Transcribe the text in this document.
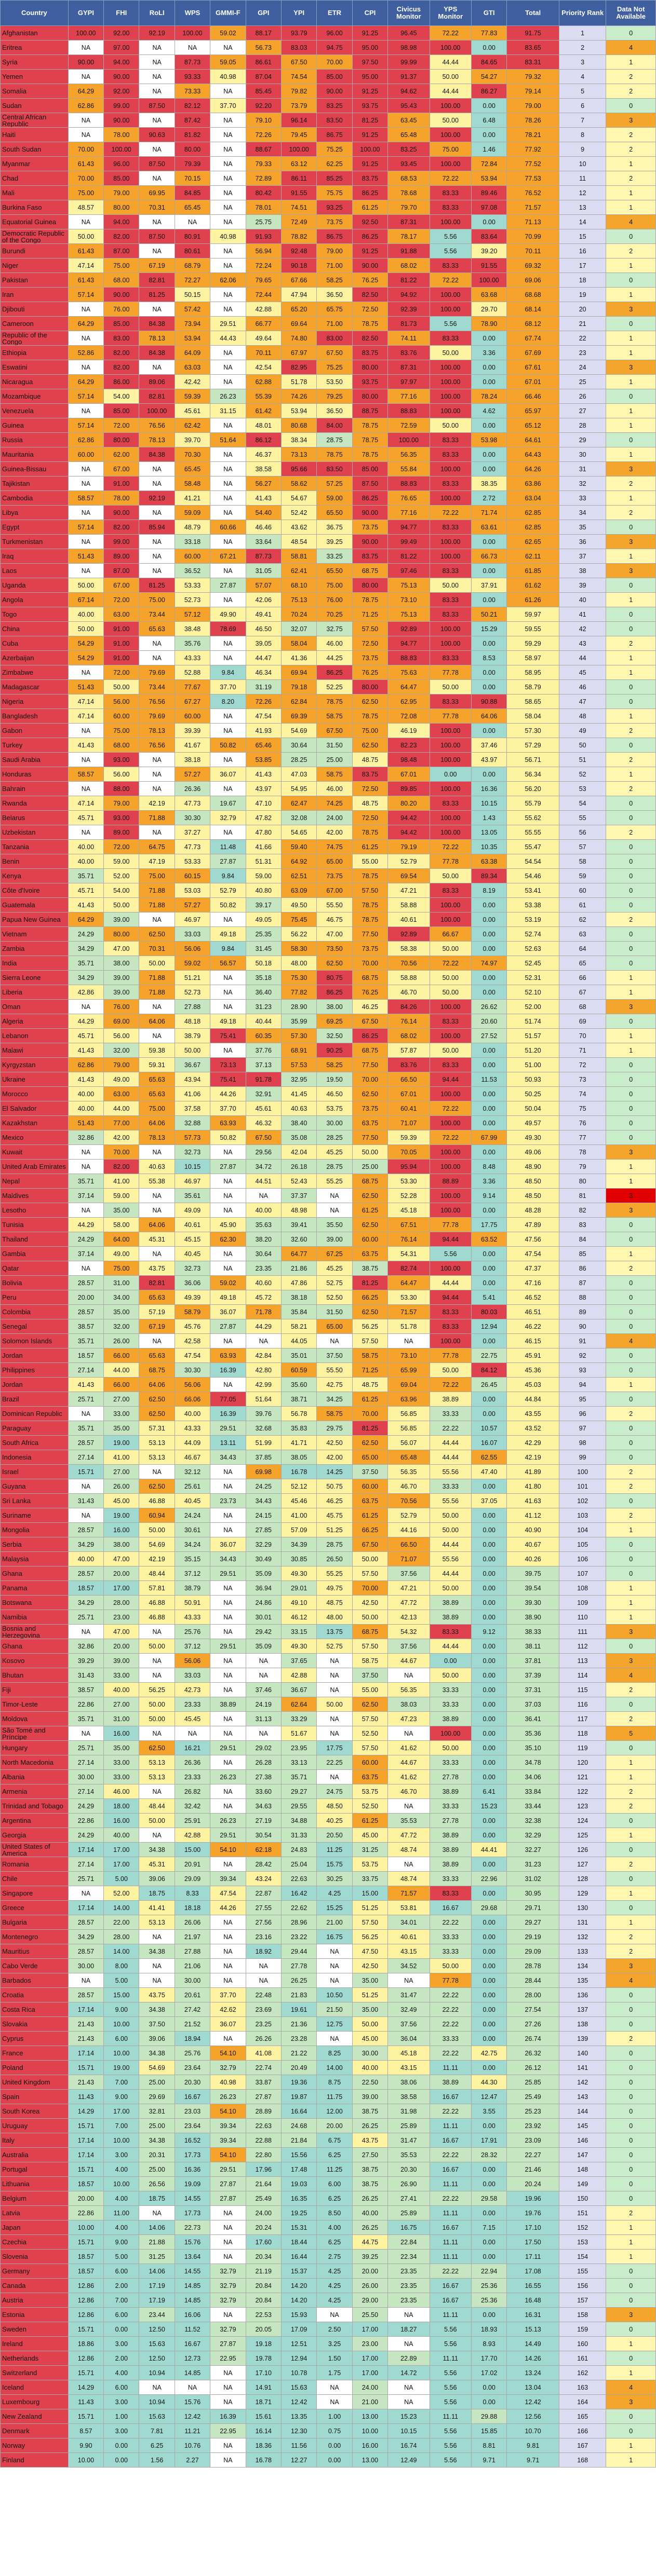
Country	GYPI	FHI	RoLI	WPS	GMMI-F	GPI	YPI	ETR	CPI	Civicus Monitor	YPS Monitor	GTI	Total	Priority Rank	Data Not Available
Afghanistan	100.00	92.00	92.19	100.00	59.02	88.17	93.79	96.00	91.25	96.45	72.22	77.83	91.75	1	0
Eritrea	NA	97.00	NA	NA	NA	56.73	83.03	94.75	95.00	98.98	100.00	0.00	83.65	2	4
Syria	90.00	94.00	NA	87.73	59.05	86.61	67.50	70.00	97.50	99.99	44.44	84.65	83.31	3	1
Yemen	NA	90.00	NA	93.33	40.98	87.04	74.54	85.00	95.00	91.37	50.00	54.27	79.32	4	2
Somalia	64.29	92.00	NA	73.33	NA	85.45	79.82	90.00	91.25	94.62	44.44	86.27	79.14	5	2
Sudan	62.86	99.00	87.50	82.12	37.70	92.20	73.79	83.25	93.75	95.43	100.00	0.00	79.00	6	0
Central African Republic	NA	90.00	NA	87.42	NA	79.10	96.14	83.50	81.25	63.45	50.00	6.48	78.26	7	3
Haiti	NA	78.00	90.63	81.82	NA	72.26	79.45	86.75	91.25	65.48	100.00	0.00	78.21	8	2
South Sudan	70.00	100.00	NA	80.00	NA	88.67	100.00	75.25	100.00	83.25	75.00	1.46	77.92	9	2
Myanmar	61.43	96.00	87.50	79.39	NA	79.33	63.12	62.25	91.25	93.45	100.00	72.84	77.52	10	1
Chad	70.00	85.00	NA	70.15	NA	72.89	86.11	85.25	83.75	68.53	72.22	53.94	77.53	11	2
Mali	75.00	79.00	69.95	84.85	NA	80.42	91.55	75.75	86.25	78.68	83.33	89.46	76.52	12	1
Burkina Faso	48.57	80.00	70.31	65.45	NA	78.01	74.51	93.25	61.25	79.70	83.33	97.08	71.57	13	1
Equatorial Guinea	NA	94.00	NA	NA	NA	25.75	72.49	73.75	92.50	87.31	100.00	0.00	71.13	14	4
Democratic Republic of the Congo	50.00	82.00	87.50	80.91	40.98	91.93	78.82	86.75	86.25	78.17	5.56	83.64	70.99	15	0
Burundi	61.43	87.00	NA	80.61	NA	56.94	92.48	79.00	91.25	91.88	5.56	39.20	70.11	16	2
Niger	47.14	75.00	67.19	68.79	NA	72.24	90.18	71.00	90.00	68.02	83.33	91.55	69.32	17	1
Pakistan	61.43	68.00	82.81	72.27	62.06	79.65	67.66	58.25	76.25	81.22	72.22	100.00	69.06	18	0
Iran	57.14	90.00	81.25	50.15	NA	72.44	47.94	36.50	82.50	94.92	100.00	63.68	68.68	19	1
Djibouti	NA	76.00	NA	57.42	NA	42.88	65.20	65.75	72.50	92.39	100.00	29.70	68.14	20	3
Cameroon	64.29	85.00	84.38	73.94	29.51	66.77	69.64	71.00	78.75	81.73	5.56	78.90	68.12	21	0
Republic of the Congo	NA	83.00	78.13	53.94	44.43	49.64	74.80	83.00	82.50	74.11	83.33	0.00	67.74	22	1
Ethiopia	52.86	82.00	84.38	64.09	NA	70.11	67.97	67.50	83.75	83.76	50.00	3.36	67.69	23	1
Eswatini	NA	82.00	NA	63.03	NA	42.54	82.95	75.25	80.00	87.31	100.00	0.00	67.61	24	3
Nicaragua	64.29	86.00	89.06	42.42	NA	62.88	51.78	53.50	93.75	97.97	100.00	0.00	67.01	25	1
Mozambique	57.14	54.00	82.81	59.39	26.23	55.39	74.26	79.25	80.00	77.16	100.00	78.24	66.46	26	0
Venezuela	NA	85.00	100.00	45.61	31.15	61.42	53.94	36.50	88.75	88.83	100.00	4.62	65.97	27	1
Guinea	57.14	72.00	76.56	62.42	NA	48.01	80.68	84.00	78.75	72.59	50.00	0.00	65.12	28	1
Russia	62.86	80.00	78.13	39.70	51.64	86.12	38.34	28.75	78.75	100.00	83.33	53.98	64.61	29	0
Mauritania	60.00	62.00	84.38	70.30	NA	46.37	73.13	78.75	78.75	56.35	83.33	0.00	64.43	30	1
Guinea-Bissau	NA	67.00	NA	65.45	NA	38.58	95.66	83.50	85.00	55.84	100.00	0.00	64.26	31	3
Tajikistan	NA	91.00	NA	58.48	NA	56.27	58.62	57.25	87.50	88.83	83.33	38.35	63.86	32	2
Cambodia	58.57	78.00	92.19	41.21	NA	41.43	54.67	59.00	86.25	76.65	100.00	2.72	63.04	33	1
Libya	NA	90.00	NA	59.09	NA	54.40	52.42	65.50	90.00	77.16	72.22	71.74	62.85	34	2
Egypt	57.14	82.00	85.94	48.79	60.66	46.46	43.62	36.75	73.75	94.77	83.33	63.61	62.85	35	0
Turkmenistan	NA	99.00	NA	33.18	NA	33.64	48.54	39.25	90.00	99.49	100.00	0.00	62.65	36	3
Iraq	51.43	89.00	NA	60.00	67.21	87.73	58.81	33.25	83.75	81.22	100.00	66.73	62.11	37	1
Laos	NA	87.00	NA	36.52	NA	31.05	62.41	65.50	68.75	97.46	83.33	0.00	61.85	38	3
Uganda	50.00	67.00	81.25	53.33	27.87	57.07	68.10	75.00	80.00	75.13	50.00	37.91	61.62	39	0
Angola	67.14	72.00	75.00	52.73	NA	42.06	75.13	76.00	78.75	73.10	83.33	0.00	61.26	40	1
Togo	40.00	63.00	73.44	57.12	49.90	49.41	70.24	70.25	71.25	75.13	83.33	50.21	59.97	41	0
China	50.00	91.00	65.63	38.48	78.69	46.50	32.07	32.75	57.50	92.89	100.00	15.29	59.55	42	0
Cuba	54.29	91.00	NA	35.76	NA	39.05	58.04	46.00	72.50	94.77	100.00	0.00	59.29	43	2
Azerbaijan	54.29	91.00	NA	43.33	NA	44.47	41.36	44.25	73.75	88.83	83.33	8.53	58.97	44	1
Zimbabwe	NA	72.00	79.69	52.88	9.84	46.34	69.94	86.25	76.25	75.63	77.78	0.00	58.95	45	1
Madagascar	51.43	50.00	73.44	77.67	37.70	31.19	79.18	52.25	80.00	64.47	50.00	0.00	58.79	46	0
Nigeria	47.14	56.00	76.56	67.27	8.20	72.26	62.84	78.75	62.50	62.95	83.33	90.88	58.65	47	0
Bangladesh	47.14	60.00	79.69	60.00	NA	47.54	69.39	58.75	78.75	72.08	77.78	64.06	58.04	48	1
Gabon	NA	75.00	78.13	39.39	NA	41.93	54.69	67.50	75.00	46.19	100.00	0.00	57.30	49	2
Turkey	41.43	68.00	76.56	41.67	50.82	65.46	30.64	31.50	62.50	82.23	100.00	37.46	57.29	50	0
Saudi Arabia	NA	93.00	NA	38.18	NA	53.85	28.25	25.00	48.75	98.48	100.00	43.97	56.71	51	2
Honduras	58.57	56.00	NA	57.27	36.07	41.43	47.03	58.75	83.75	67.01	0.00	0.00	56.34	52	1
Bahrain	NA	88.00	NA	26.36	NA	43.97	54.95	46.00	72.50	89.85	100.00	16.36	56.20	53	2
Rwanda	47.14	79.00	42.19	47.73	19.67	47.10	62.47	74.25	48.75	80.20	83.33	10.15	55.79	54	0
Belarus	45.71	93.00	71.88	30.30	32.79	47.82	32.08	24.00	72.50	94.42	100.00	1.43	55.62	55	0
Uzbekistan	NA	89.00	NA	37.27	NA	47.80	54.65	42.00	78.75	94.42	100.00	13.05	55.55	56	2
Tanzania	40.00	72.00	64.75	47.73	11.48	41.66	59.40	74.75	61.25	79.19	72.22	10.35	55.47	57	0
Benin	40.00	59.00	47.19	53.33	27.87	51.31	64.92	65.00	55.00	52.79	77.78	63.38	54.54	58	0
Kenya	35.71	52.00	75.00	60.15	9.84	59.00	62.51	73.75	78.75	69.54	50.00	89.34	54.46	59	0
Côte d'Ivoire	45.71	54.00	71.88	53.03	52.79	40.80	63.09	67.00	57.50	47.21	83.33	8.19	53.41	60	0
Guatemala	41.43	50.00	71.88	57.27	50.82	39.17	49.50	55.50	78.75	58.88	100.00	0.00	53.38	61	0
Papua New Guinea	64.29	39.00	NA	46.97	NA	49.05	75.45	46.75	78.75	40.61	100.00	0.00	53.19	62	2
Vietnam	24.29	80.00	62.50	33.03	49.18	25.35	56.22	47.00	77.50	92.89	66.67	0.00	52.74	63	0
Zambia	34.29	47.00	70.31	56.06	9.84	31.45	58.30	73.50	73.75	58.38	50.00	0.00	52.63	64	0
India	35.71	38.00	50.00	59.02	56.57	50.18	48.00	62.50	70.00	70.56	72.22	74.97	52.45	65	0
Sierra Leone	34.29	39.00	71.88	51.21	NA	35.18	75.30	80.75	68.75	58.88	50.00	0.00	52.31	66	1
Liberia	42.86	39.00	71.88	52.73	NA	36.40	77.82	86.25	76.25	46.70	50.00	0.00	52.10	67	1
Oman	NA	76.00	NA	27.88	NA	31.23	28.90	38.00	46.25	84.26	100.00	26.62	52.00	68	3
Algeria	44.29	69.00	64.06	48.18	49.18	40.44	35.99	69.25	67.50	76.14	83.33	20.60	51.74	69	0
Lebanon	45.71	56.00	NA	38.79	75.41	60.35	57.30	32.50	86.25	68.02	100.00	27.52	51.57	70	1
Malawi	41.43	32.00	59.38	50.00	NA	37.76	68.91	90.25	68.75	57.87	50.00	0.00	51.20	71	1
Kyrgyzstan	62.86	79.00	59.31	36.67	73.13	37.13	57.53	58.25	77.50	83.76	83.33	0.00	51.00	72	0
Ukraine	41.43	49.00	65.63	43.94	75.41	91.78	32.95	19.50	70.00	66.50	94.44	11.53	50.93	73	0
Morocco	40.00	63.00	65.63	41.06	44.26	32.91	41.45	46.50	62.50	67.01	100.00	0.00	50.25	74	0
El Salvador	40.00	44.00	75.00	37.58	37.70	45.61	40.63	53.75	73.75	60.41	72.22	0.00	50.04	75	0
Kazakhstan	51.43	77.00	64.06	32.88	63.93	46.32	38.40	30.00	63.75	71.07	100.00	0.00	49.57	76	0
Mexico	32.86	42.00	78.13	57.73	50.82	67.50	35.08	28.25	77.50	59.39	72.22	67.99	49.30	77	0
Kuwait	NA	70.00	NA	32.73	NA	29.56	42.04	45.25	50.00	70.05	100.00	0.00	49.06	78	3
United Arab Emirates	NA	82.00	40.63	10.15	27.87	34.72	26.18	28.75	25.00	95.94	100.00	8.48	48.90	79	1
Nepal	35.71	41.00	55.38	46.97	NA	44.51	52.43	55.25	68.75	53.30	88.89	3.36	48.50	80	1
Maldives	37.14	59.00	NA	35.61	NA	NA	37.37	NA	62.50	52.28	100.00	9.14	48.50	81	3
Lesotho	NA	35.00	NA	49.09	NA	40.00	48.98	NA	61.25	45.18	100.00	0.00	48.28	82	3
Tunisia	44.29	58.00	64.06	40.61	45.90	35.63	39.41	35.50	62.50	67.51	77.78	17.75	47.89	83	0
Thailand	24.29	64.00	45.31	45.15	62.30	38.20	32.60	39.00	60.00	76.14	94.44	63.52	47.56	84	0
Gambia	37.14	49.00	NA	40.45	NA	30.64	64.77	67.25	63.75	54.31	5.56	0.00	47.54	85	1
Qatar	NA	75.00	43.75	32.73	NA	23.35	21.86	45.25	38.75	82.74	100.00	0.00	47.37	86	2
Bolivia	28.57	31.00	82.81	36.06	59.02	40.60	47.86	52.75	81.25	64.47	44.44	0.00	47.16	87	0
Peru	20.00	34.00	65.63	49.39	49.18	45.72	38.18	52.50	66.25	53.30	94.44	5.41	46.52	88	0
Colombia	28.57	35.00	57.19	58.79	36.07	71.78	35.84	31.50	62.50	71.57	83.33	80.03	46.51	89	0
Senegal	38.57	32.00	67.19	45.76	27.87	44.29	58.21	65.00	56.25	51.78	83.33	12.94	46.22	90	0
Solomon Islands	35.71	26.00	NA	42.58	NA	NA	44.05	NA	57.50	NA	100.00	0.00	46.15	91	4
Jordan	18.57	66.00	65.63	47.54	63.93	42.84	35.01	37.50	58.75	73.10	77.78	22.75	45.91	92	0
Philippines	27.14	44.00	68.75	30.30	16.39	42.80	60.59	55.50	71.25	65.99	50.00	84.12	45.36	93	0
Jordan	41.43	66.00	64.06	56.06	NA	42.99	35.60	42.75	48.75	69.04	72.22	26.45	45.03	94	1
Brazil	25.71	27.00	62.50	66.06	77.05	51.64	38.71	34.25	61.25	63.96	38.89	0.00	44.84	95	0
Dominican Republic	NA	33.00	62.50	40.00	16.39	39.76	56.78	58.75	70.00	56.85	33.33	0.00	43.55	96	2
Paraguay	35.71	35.00	57.31	43.33	29.51	32.68	35.83	29.75	81.25	56.85	22.22	10.57	43.52	97	0
South Africa	28.57	19.00	53.13	44.09	13.11	51.99	41.71	42.50	62.50	56.07	44.44	16.07	42.29	98	0
Indonesia	27.14	41.00	53.13	46.67	34.43	37.85	38.05	42.00	65.00	65.48	44.44	62.55	42.19	99	0
Israel	15.71	27.00	NA	32.12	NA	69.98	16.78	14.25	37.50	56.35	55.56	47.40	41.89	100	2
Guyana	NA	26.00	62.50	25.61	NA	24.25	52.12	50.75	60.00	46.70	33.33	0.00	41.80	101	2
Sri Lanka	31.43	45.00	46.88	40.45	23.73	34.43	45.46	46.25	63.75	70.56	55.56	37.05	41.63	102	0
Suriname	NA	19.00	60.94	24.24	NA	24.15	41.00	45.75	61.25	52.79	50.00	0.00	41.12	103	2
Mongolia	28.57	16.00	50.00	30.61	NA	27.85	57.09	51.25	66.25	44.16	50.00	0.00	40.90	104	1
Serbia	34.29	38.00	54.69	34.24	36.07	32.29	34.39	28.75	67.50	66.50	44.44	0.00	40.67	105	0
Malaysia	40.00	47.00	42.19	35.15	34.43	30.49	30.85	26.50	50.00	71.07	55.56	0.00	40.26	106	0
Ghana	28.57	20.00	48.44	37.12	29.51	35.09	49.30	55.25	57.50	37.56	44.44	0.00	39.75	107	0
Panama	18.57	17.00	57.81	38.79	NA	36.94	29.01	49.75	70.00	47.21	50.00	0.00	39.54	108	1
Botswana	34.29	28.00	46.88	50.91	NA	24.86	49.10	48.75	42.50	47.72	38.89	0.00	39.30	109	1
Namibia	25.71	23.00	46.88	43.33	NA	30.01	46.12	48.00	50.00	42.13	38.89	0.00	38.90	110	1
Bosnia and Herzegovina	NA	47.00	NA	25.76	NA	29.42	33.15	13.75	68.75	54.32	83.33	9.12	38.33	111	3
Ghana	32.86	20.00	50.00	37.12	29.51	35.09	49.30	52.75	57.50	37.56	44.44	0.00	38.11	112	0
Kosovo	39.29	39.00	NA	56.06	NA	NA	37.65	NA	58.75	44.67	0.00	0.00	37.81	113	3
Bhutan	31.43	33.00	NA	33.03	NA	NA	42.88	NA	37.50	NA	50.00	0.00	37.39	114	4
Fiji	38.57	40.00	56.25	42.73	NA	37.46	36.67	NA	55.00	56.35	33.33	0.00	37.31	115	2
Timor-Leste	22.86	27.00	50.00	23.33	38.89	24.19	62.64	50.00	62.50	38.03	33.33	0.00	37.03	116	0
Moldova	35.71	31.00	50.00	45.45	NA	31.13	33.29	NA	57.50	47.23	38.89	0.00	36.41	117	2
São Tomé and Príncipe	NA	16.00	NA	NA	NA	NA	51.67	NA	52.50	NA	100.00	0.00	35.36	118	5
Hungary	25.71	35.00	62.50	16.21	29.51	29.02	23.95	17.75	57.50	41.62	50.00	0.00	35.10	119	0
North Macedonia	27.14	33.00	53.13	26.36	NA	26.28	33.13	22.25	60.00	44.67	33.33	0.00	34.78	120	1
Albania	30.00	33.00	53.13	23.33	26.23	27.38	35.71	NA	63.75	41.62	27.78	0.00	34.06	121	1
Armenia	27.14	46.00	NA	26.82	NA	33.60	29.27	24.75	53.75	46.70	38.89	6.41	33.84	122	2
Trinidad and Tobago	24.29	18.00	48.44	32.42	NA	34.63	29.55	48.50	52.50	NA	33.33	15.23	33.44	123	2
Argentina	22.86	16.00	50.00	25.91	26.23	27.19	34.88	40.25	61.25	35.53	27.78	0.00	32.38	124	0
Georgia	24.29	40.00	NA	42.88	29.51	30.54	31.33	20.50	45.00	47.72	38.89	0.00	32.29	125	1
United States of America	17.14	17.00	34.38	15.00	54.10	62.18	24.83	11.25	31.25	48.74	38.89	44.41	32.27	126	0
Romania	27.14	17.00	45.31	20.91	NA	28.42	25.04	15.75	53.75	NA	38.89	0.00	31.23	127	2
Chile	25.71	5.00	39.06	29.09	39.34	43.24	22.63	30.25	33.75	48.74	33.33	22.96	31.02	128	0
Singapore	NA	52.00	18.75	8.33	47.54	22.87	16.42	4.25	15.00	71.57	83.33	0.00	30.95	129	1
Greece	17.14	14.00	41.41	18.18	44.26	27.55	22.62	15.25	51.25	53.81	16.67	29.68	29.71	130	0
Bulgaria	28.57	22.00	53.13	26.06	NA	27.56	28.96	21.00	57.50	34.01	22.22	0.00	29.27	131	1
Montenegro	34.29	28.00	NA	21.97	NA	23.16	23.22	16.75	56.25	40.61	33.33	0.00	29.19	132	2
Mauritius	28.57	14.00	34.38	27.88	NA	18.92	29.44	NA	47.50	43.15	33.33	0.00	29.09	133	2
Cabo Verde	30.00	8.00	NA	21.06	NA	NA	27.78	NA	42.50	34.52	50.00	0.00	28.78	134	3
Barbados	NA	5.00	NA	30.00	NA	NA	26.25	NA	35.00	NA	77.78	0.00	28.44	135	4
Croatia	28.57	15.00	43.75	20.61	37.70	22.48	21.83	10.50	51.25	31.47	22.22	0.00	28.00	136	0
Costa Rica	17.14	9.00	34.38	27.42	42.62	23.69	19.61	21.50	35.00	32.49	22.22	0.00	27.54	137	0
Slovakia	21.43	10.00	37.50	21.52	36.07	23.25	21.36	12.75	50.00	37.56	22.22	0.00	27.26	138	0
Cyprus	21.43	6.00	39.06	18.94	NA	26.26	23.28	NA	45.00	36.04	33.33	0.00	26.74	139	2
France	17.14	10.00	34.38	25.76	54.10	41.08	21.22	8.25	30.00	45.18	22.22	42.75	26.32	140	0
Poland	15.71	19.00	54.69	23.64	32.79	22.74	20.49	14.00	40.00	43.15	11.11	0.00	26.12	141	0
United Kingdom	21.43	7.00	25.00	20.30	40.98	33.87	19.36	8.75	22.50	38.06	38.89	44.30	25.85	142	0
Spain	11.43	9.00	29.69	16.67	26.23	27.87	19.87	11.75	39.00	38.58	16.67	12.47	25.49	143	0
South Korea	14.29	17.00	32.81	23.03	54.10	28.89	16.64	12.00	38.75	31.98	22.22	3.55	25.23	144	0
Uruguay	15.71	7.00	25.00	23.64	39.34	22.63	24.68	20.00	26.25	25.89	11.11	0.00	23.92	145	0
Italy	17.14	10.00	34.38	16.52	39.34	22.88	21.84	6.75	43.75	31.47	16.67	17.91	23.09	146	0
Australia	17.14	3.00	20.31	17.73	54.10	22.80	15.56	6.25	27.50	35.53	22.22	28.32	22.27	147	0
Portugal	15.71	4.00	25.00	16.36	29.51	17.96	17.48	11.25	38.75	20.30	16.67	0.00	21.46	148	0
Lithuania	18.57	10.00	26.56	19.09	27.87	21.64	19.03	6.00	38.75	26.90	11.11	0.00	20.24	149	0
Belgium	20.00	4.00	18.75	14.55	27.87	25.49	16.35	6.25	26.25	27.41	22.22	29.58	19.96	150	0
Latvia	22.86	11.00	NA	17.73	NA	24.00	19.25	8.50	40.00	25.89	11.11	0.00	19.76	151	2
Japan	10.00	4.00	14.06	22.73	NA	20.24	15.31	4.00	26.25	16.75	16.67	7.15	17.10	152	1
Czechia	15.71	9.00	21.88	15.76	NA	17.60	18.44	6.25	44.75	22.84	11.11	0.00	17.50	153	1
Slovenia	18.57	5.00	31.25	13.64	NA	20.34	16.44	2.75	39.25	22.34	11.11	0.00	17.11	154	1
Germany	18.57	6.00	14.06	14.55	32.79	21.19	15.37	4.25	20.00	23.35	22.22	22.94	17.08	155	0
Canada	12.86	2.00	17.19	14.85	32.79	20.84	14.20	4.25	26.00	23.35	16.67	25.36	16.55	156	0
Austria	12.86	7.00	17.19	14.85	32.79	20.84	14.20	4.25	29.00	23.35	16.67	25.36	16.48	157	0
Estonia	12.86	6.00	23.44	16.06	NA	22.53	15.93	NA	25.50	NA	11.11	0.00	16.31	158	3
Sweden	15.71	0.00	12.50	11.52	32.79	20.05	17.09	2.50	17.00	18.27	5.56	18.93	15.13	159	0
Ireland	18.86	3.00	15.63	16.67	27.87	19.18	12.51	3.25	23.00	NA	5.56	8.93	14.49	160	1
Netherlands	12.86	2.00	12.50	12.73	22.95	19.78	12.94	1.50	17.00	22.89	11.11	17.70	14.26	161	0
Switzerland	15.71	4.00	10.94	14.85	NA	17.10	10.78	1.75	17.00	14.72	5.56	17.02	13.24	162	1
Iceland	14.29	6.00	NA	NA	NA	14.91	15.63	NA	24.00	NA	5.56	0.00	13.04	163	4
Luxembourg	11.43	3.00	10.94	15.76	NA	18.71	12.42	NA	21.00	NA	5.56	0.00	12.42	164	3
New Zealand	15.71	1.00	15.63	12.42	16.39	15.61	13.35	1.00	13.00	15.23	11.11	29.88	12.56	165	0
Denmark	8.57	3.00	7.81	11.21	22.95	16.14	12.30	0.75	10.00	10.15	5.56	15.85	10.70	166	0
Norway	9.90	0.00	6.25	10.76	NA	18.36	11.56	0.00	16.00	16.74	5.56	8.81	9.81	167	1
Finland	10.00	0.00	1.56	2.27	NA	16.78	12.27	0.00	13.00	12.49	5.56	9.71	9.71	168	1
